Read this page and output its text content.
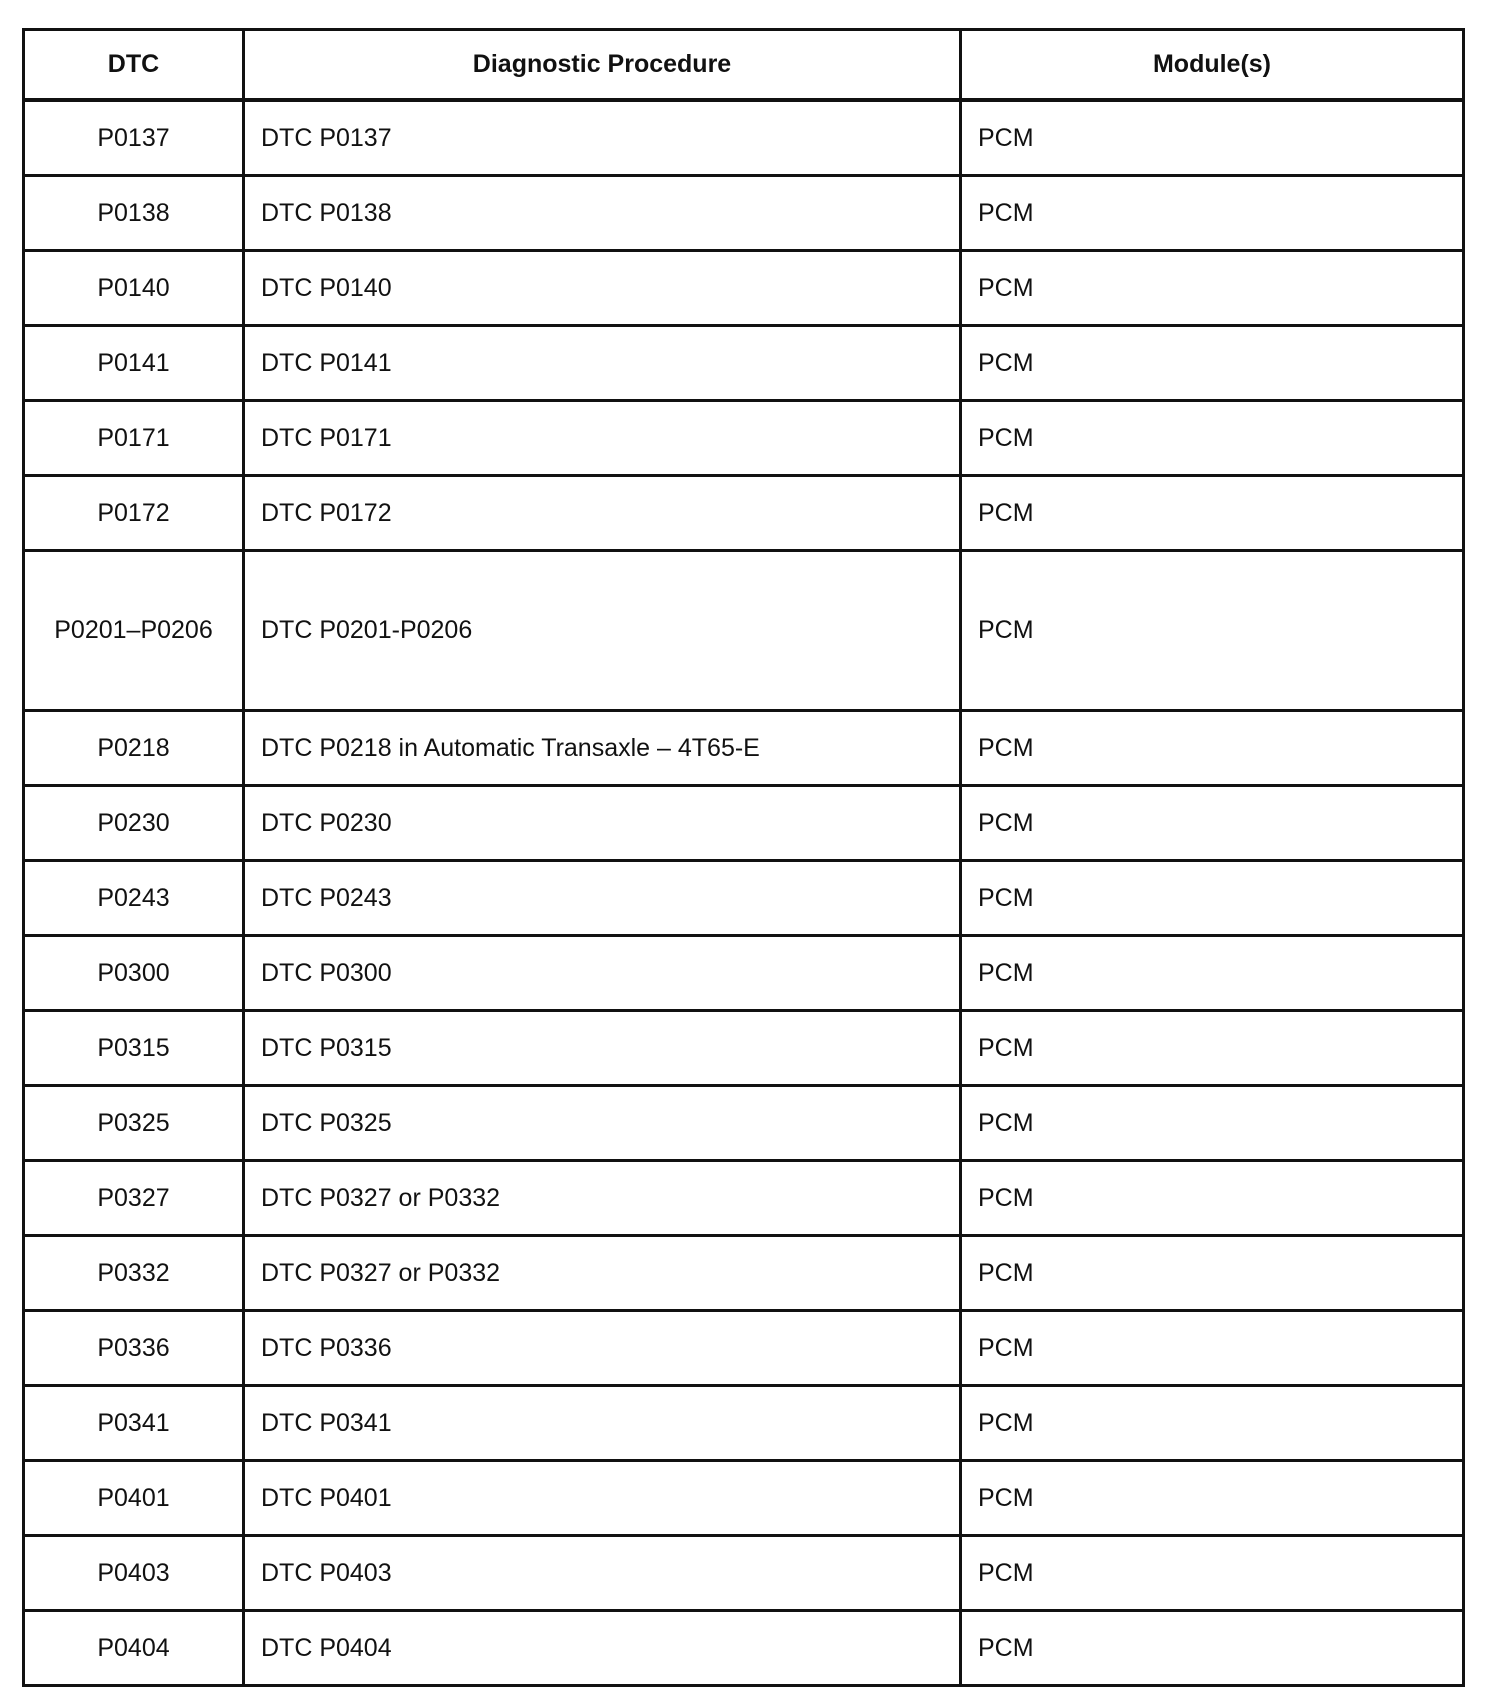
DTC	Diagnostic Procedure	Module(s)
P0137	DTC P0137	PCM
P0138	DTC P0138	PCM
P0140	DTC P0140	PCM
P0141	DTC P0141	PCM
P0171	DTC P0171	PCM
P0172	DTC P0172	PCM
P0201–P0206	DTC P0201-P0206	PCM
P0218	DTC P0218 in Automatic Transaxle – 4T65-E	PCM
P0230	DTC P0230	PCM
P0243	DTC P0243	PCM
P0300	DTC P0300	PCM
P0315	DTC P0315	PCM
P0325	DTC P0325	PCM
P0327	DTC P0327 or P0332	PCM
P0332	DTC P0327 or P0332	PCM
P0336	DTC P0336	PCM
P0341	DTC P0341	PCM
P0401	DTC P0401	PCM
P0403	DTC P0403	PCM
P0404	DTC P0404	PCM
